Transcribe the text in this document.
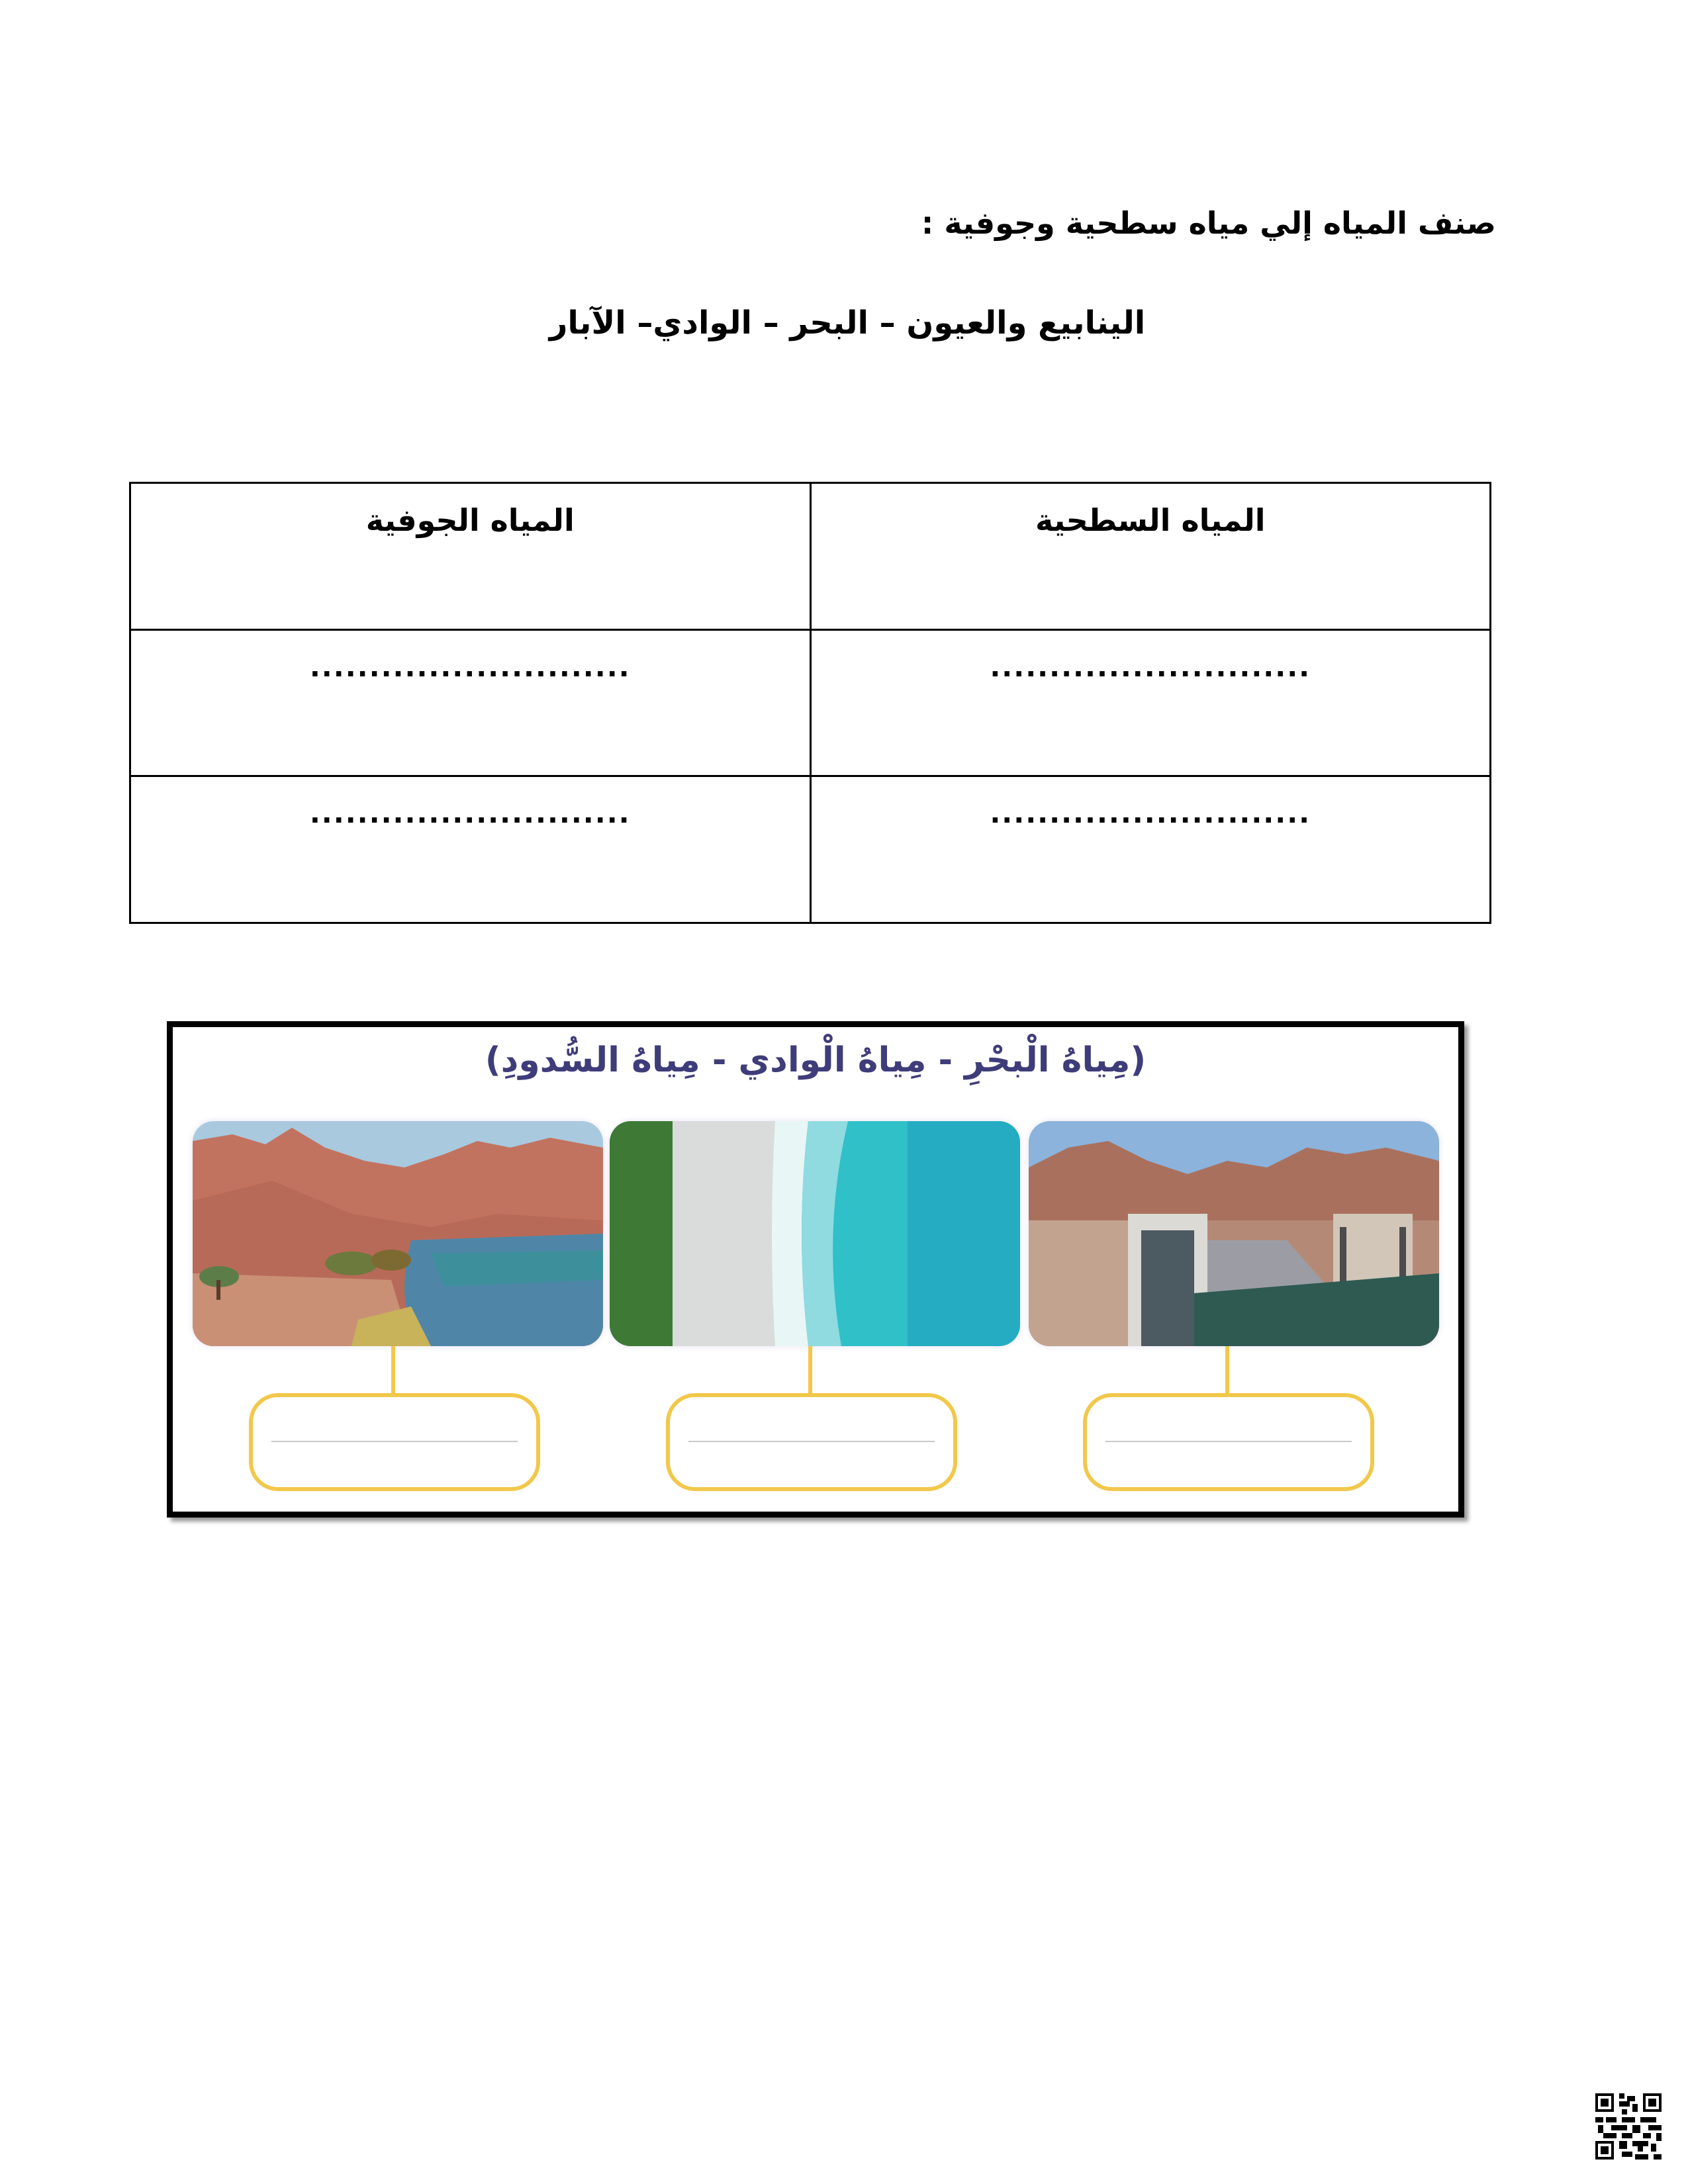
صنف المياه إلي مياه سطحية وجوفية :
الينابيع والعيون – البحر – الوادي– الآبار
المياه السطحية	المياه الجوفية
...........................	...........................
...........................	...........................
(مِياهُ الْبحْرِ - مِياهُ الْوادي - مِياهُ السُّدودِ)
